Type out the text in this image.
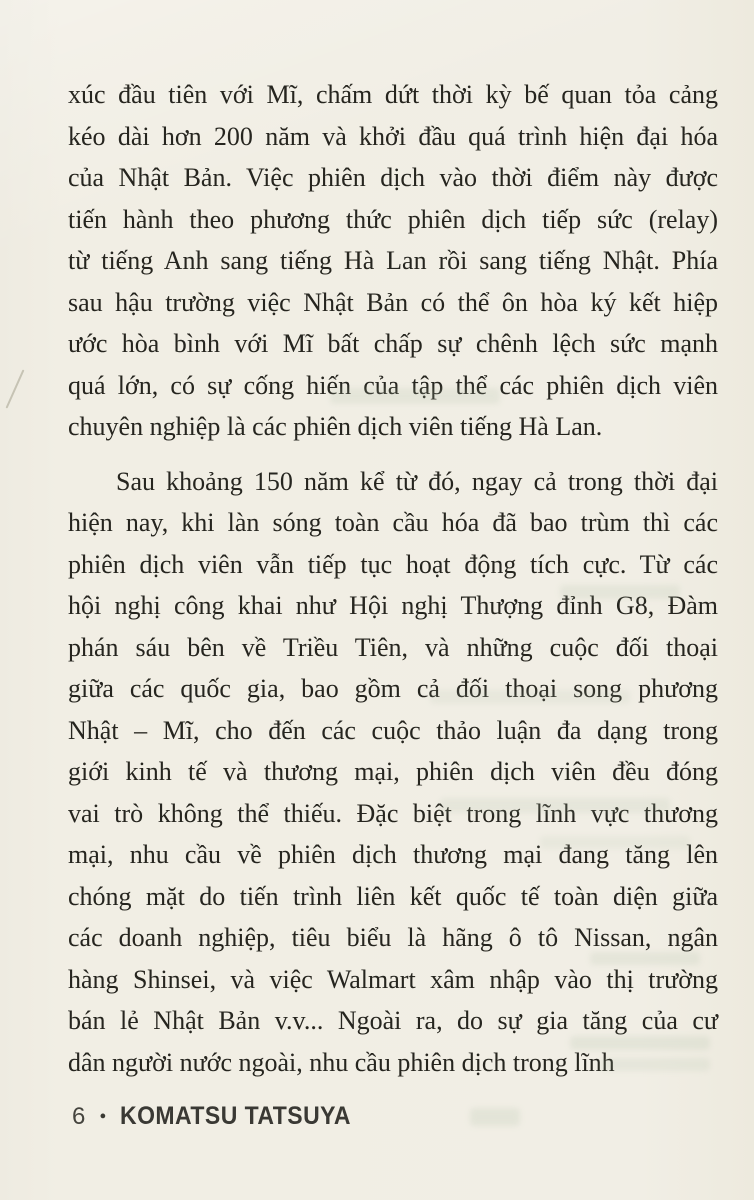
xúc đầu tiên với Mĩ, chấm dứt thời kỳ bế quan tỏa cảng
kéo dài hơn 200 năm và khởi đầu quá trình hiện đại hóa
của Nhật Bản. Việc phiên dịch vào thời điểm này được
tiến hành theo phương thức phiên dịch tiếp sức (relay)
từ tiếng Anh sang tiếng Hà Lan rồi sang tiếng Nhật. Phía
sau hậu trường việc Nhật Bản có thể ôn hòa ký kết hiệp
ước hòa bình với Mĩ bất chấp sự chênh lệch sức mạnh
quá lớn, có sự cống hiến của tập thể các phiên dịch viên
chuyên nghiệp là các phiên dịch viên tiếng Hà Lan.
Sau khoảng 150 năm kể từ đó, ngay cả trong thời đại
hiện nay, khi làn sóng toàn cầu hóa đã bao trùm thì các
phiên dịch viên vẫn tiếp tục hoạt động tích cực. Từ các
hội nghị công khai như Hội nghị Thượng đỉnh G8, Đàm
phán sáu bên về Triều Tiên, và những cuộc đối thoại
giữa các quốc gia, bao gồm cả đối thoại song phương
Nhật – Mĩ, cho đến các cuộc thảo luận đa dạng trong
giới kinh tế và thương mại, phiên dịch viên đều đóng
vai trò không thể thiếu. Đặc biệt trong lĩnh vực thương
mại, nhu cầu về phiên dịch thương mại đang tăng lên
chóng mặt do tiến trình liên kết quốc tế toàn diện giữa
các doanh nghiệp, tiêu biểu là hãng ô tô Nissan, ngân
hàng Shinsei, và việc Walmart xâm nhập vào thị trường
bán lẻ Nhật Bản v.v... Ngoài ra, do sự gia tăng của cư
dân người nước ngoài, nhu cầu phiên dịch trong lĩnh
6 • KOMATSU TATSUYA
